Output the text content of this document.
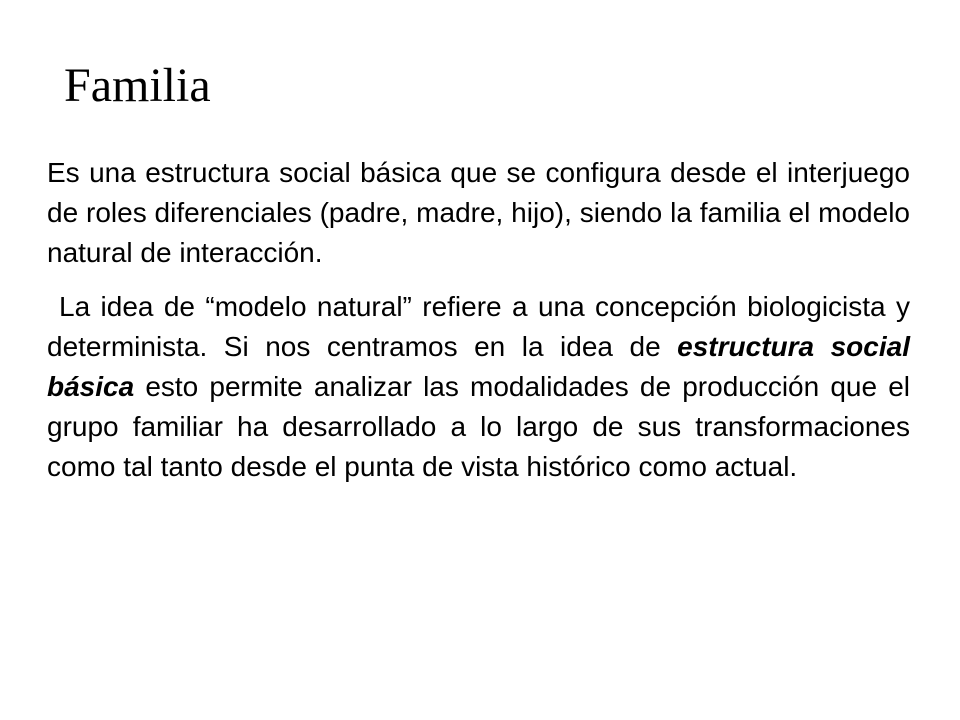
Familia

Es una estructura social básica que se configura desde el interjuego de roles diferenciales (padre, madre, hijo), siendo la familia el modelo natural de interacción.

La idea de “modelo natural” refiere a una concepción biologicista y determinista. Si nos centramos en la idea de estructura social básica esto permite analizar las modalidades de producción que el grupo familiar ha desarrollado a lo largo de sus transformaciones como tal tanto desde el punta de vista histórico como actual.
